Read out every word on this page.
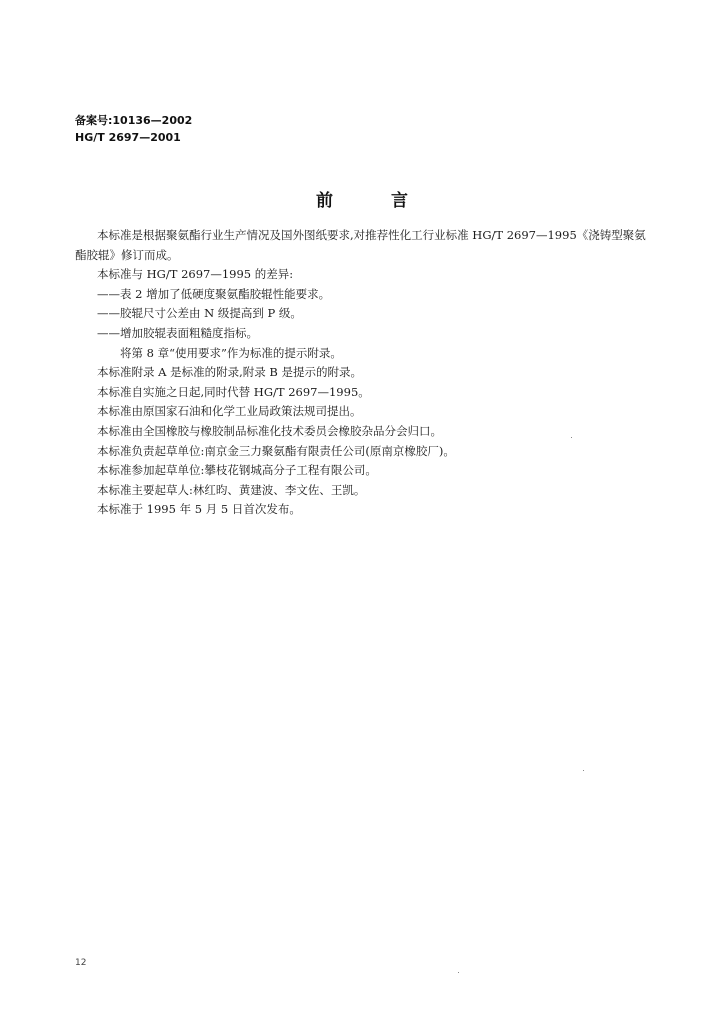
备案号:10136—2002
HG/T 2697—2001
前言

本标准是根据聚氨酯行业生产情况及国外图纸要求,对推荐性化工行业标准 HG/T 2697—1995《浇铸型聚氨酯胶辊》修订而成。

本标准与 HG/T 2697—1995 的差异:

——表 2 增加了低硬度聚氨酯胶辊性能要求。

——胶辊尺寸公差由 N 级提高到 P 级。

——增加胶辊表面粗糙度指标。

将第 8 章“使用要求”作为标准的提示附录。

本标准附录 A 是标准的附录,附录 B 是提示的附录。

本标准自实施之日起,同时代替 HG/T 2697—1995。

本标准由原国家石油和化学工业局政策法规司提出。

本标准由全国橡胶与橡胶制品标准化技术委员会橡胶杂品分会归口。

本标准负责起草单位:南京金三力聚氨酯有限责任公司(原南京橡胶厂)。

本标准参加起草单位:攀枝花钢城高分子工程有限公司。

本标准主要起草人:林红昀、黄建波、李文佐、王凯。

本标准于 1995 年 5 月 5 日首次发布。

12
